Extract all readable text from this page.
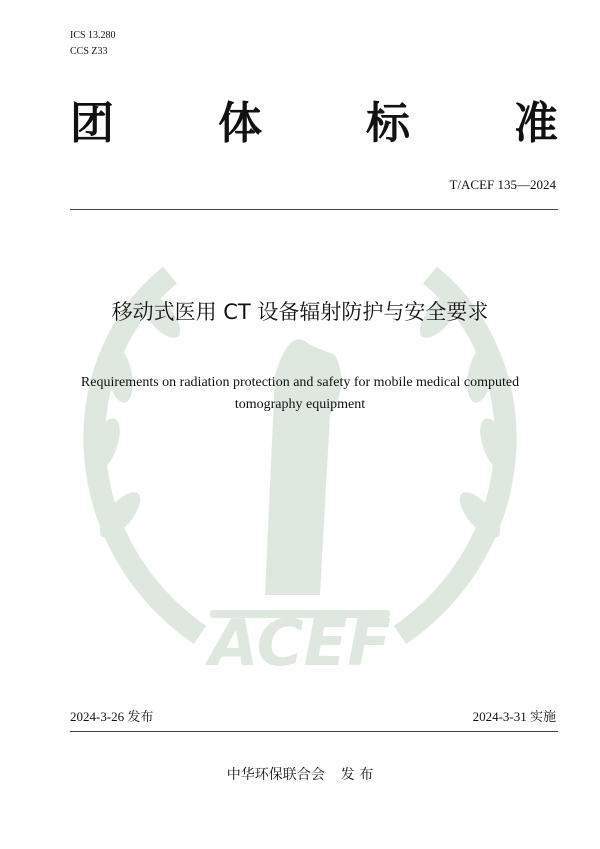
ICS 13.280
CCS Z33
团 体 标 准
T/ACEF 135—2024
ACEF
移动式医用 CT 设备辐射防护与安全要求
Requirements on radiation protection and safety for mobile medical computed
tomography equipment
2024-3-26 发布	2024-3-31 实施
中华环保联合会 发 布
